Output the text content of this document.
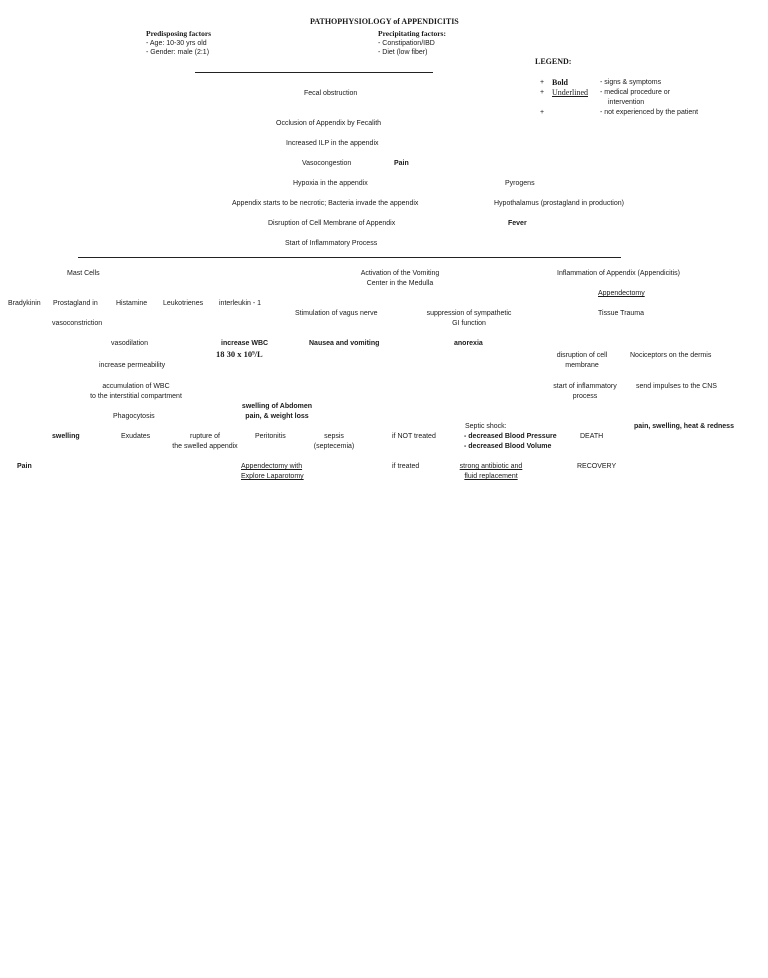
PATHOPHYSIOLOGY of APPENDICITIS
Predisposing factors
- Age: 10-30 yrs old
- Gender: male (2:1)
Precipitating factors:
- Constipation/IBD
- Diet (low fiber)
LEGEND:
+ Bold	- signs & symptoms
+ Underlined - medical procedure or
intervention
+	- not experienced by the patient
Fecal obstruction
Occlusion of Appendix by Fecalith
Increased ILP in the appendix
Vasocongestion	Pain
Hypoxia in the appendix	Pyrogens
Appendix starts to be necrotic; Bacteria invade the appendix	Hypothalamus (prostagland in production)
Disruption of Cell Membrane of Appendix	Fever
Start of Inflammatory Process
Mast Cells	Activation of the Vomiting
Center in the Medulla
Inflammation of Appendix (Appendicitis)
Appendectomy
Bradykinin Prostagland in	Histamine Leukotrienes interleukin - 1
Stimulation of vagus nerve	suppression of sympathetic
GI function
Tissue Trauma
vasoconstriction
vasodilation	increase WBC
18 30 x 10⁹/L
Nausea and vomiting	anorexia
disruption of cell
membrane
Nociceptors on the dermis
increase permeability
accumulation of WBC
to the interstitial compartment
start of inflammatory
process
send impulses to the CNS
swelling of Abdomen
pain, & weight loss
Phagocytosis
Septic shock:	pain, swelling, heat & redness
swelling	Exudates	rupture of
the swelled appendix
Peritonitis	sepsis
(septecemia)
if NOT treated	- decreased Blood Pressure
- decreased Blood Volume
DEATH
Pain	Appendectomy with
Explore Laparotomy
if treated	strong antibiotic and
fluid replacement
RECOVERY
